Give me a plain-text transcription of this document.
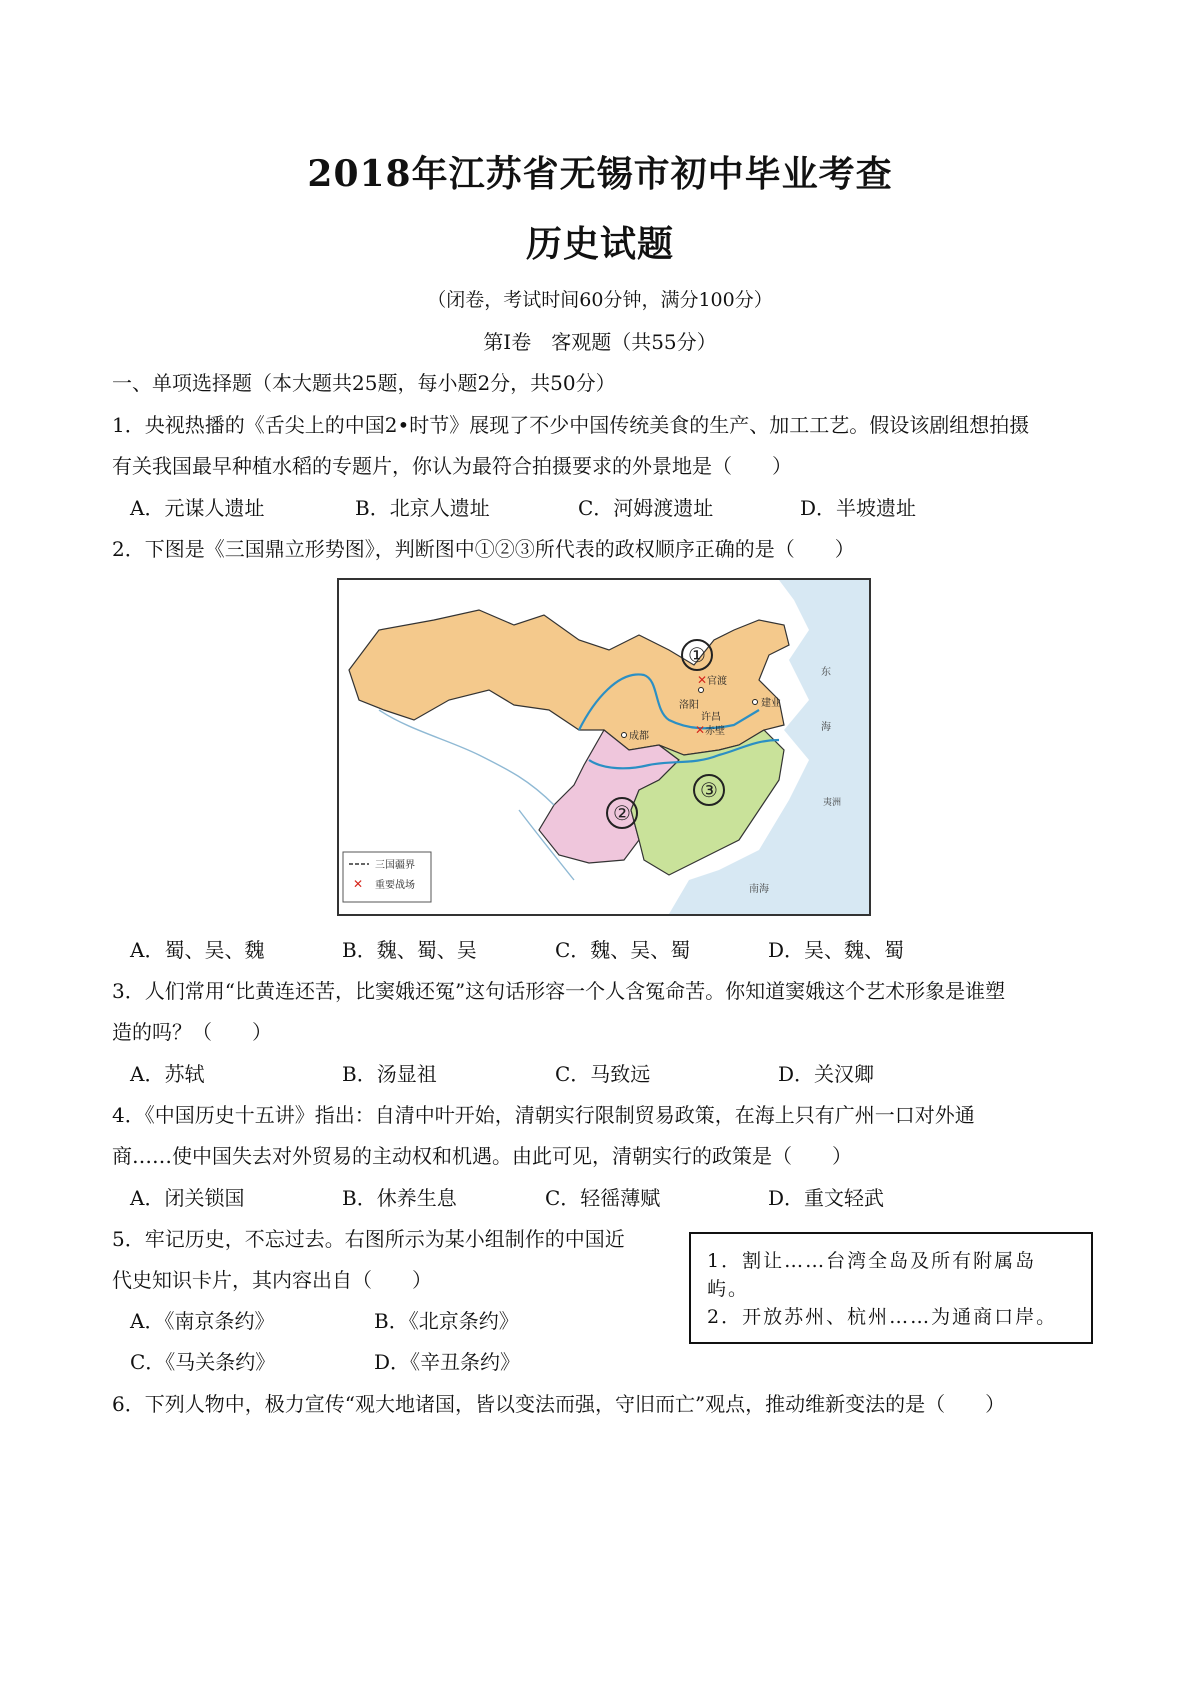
2018年江苏省无锡市初中毕业考查
历史试题
（闭卷，考试时间60分钟，满分100分）
第Ⅰ卷　客观题（共55分）
一、单项选择题（本大题共25题，每小题2分，共50分）
1．央视热播的《舌尖上的中国2•时节》展现了不少中国传统美食的生产、加工工艺。假设该剧组想拍摄
有关我国最早种植水稻的专题片，你认为最符合拍摄要求的外景地是（　　）
A．元谋人遗址	B．北京人遗址	C．河姆渡遗址	D．半坡遗址
2．下图是《三国鼎立形势图》，判断图中①②③所代表的政权顺序正确的是（　　）
①
②
③
洛阳
许昌
官渡
✕
成都
建业
✕ 赤壁
东
海
夷洲
南海
三国疆界
✕ 重要战场
A．蜀、吴、魏	B．魏、蜀、吴	C．魏、吴、蜀	D．吴、魏、蜀
3．人们常用“比黄连还苦，比窦娥还冤”这句话形容一个人含冤命苦。你知道窦娥这个艺术形象是谁塑
造的吗？（　　）
A．苏轼	B．汤显祖	C．马致远	D．关汉卿
4．《中国历史十五讲》指出：自清中叶开始，清朝实行限制贸易政策，在海上只有广州一口对外通
商……使中国失去对外贸易的主动权和机遇。由此可见，清朝实行的政策是（　　）
A．闭关锁国	B．休养生息	C．轻徭薄赋	D．重文轻武
5．牢记历史，不忘过去。右图所示为某小组制作的中国近
代史知识卡片，其内容出自（　　）
A．《南京条约》	B．《北京条约》
C．《马关条约》	D．《辛丑条约》
1．割让……台湾全岛及所有附属岛
屿。
2．开放苏州、杭州……为通商口岸。
6．下列人物中，极力宣传“观大地诸国，皆以变法而强，守旧而亡”观点，推动维新变法的是（　　）
